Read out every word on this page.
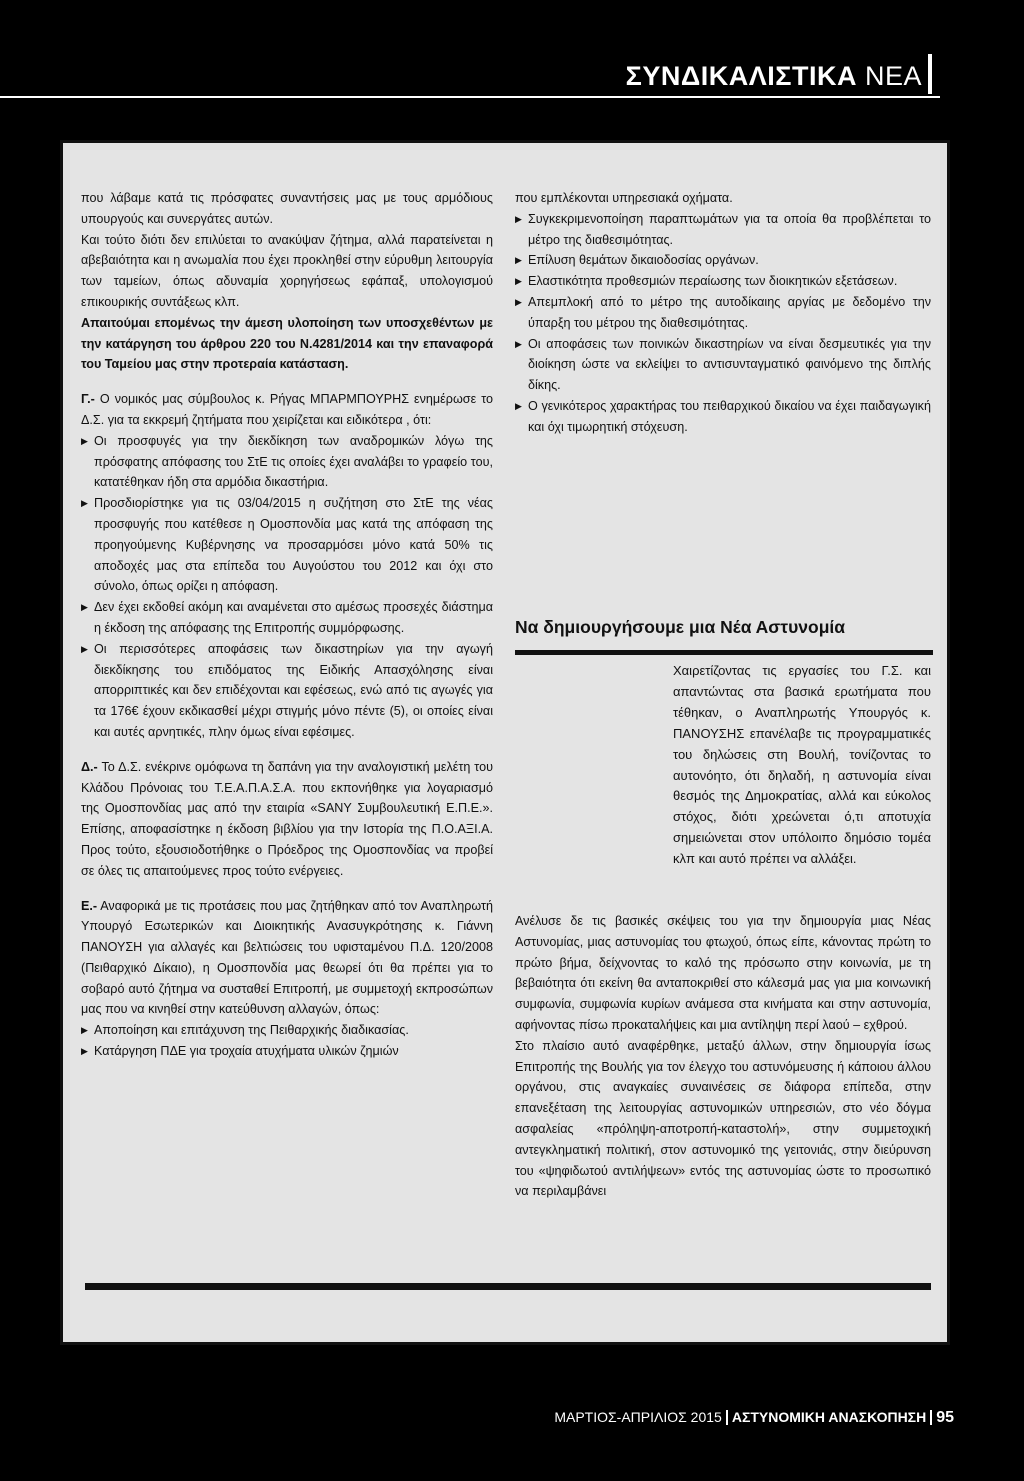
ΣΥΝΔΙΚΑΛΙΣΤΙΚΑ ΝΕΑ

που λάβαμε κατά τις πρόσφατες συναντήσεις μας με τους αρμόδιους υπουργούς και συνεργάτες αυτών.

Και τούτο διότι δεν επιλύεται το ανακύψαν ζήτημα, αλλά παρατείνεται η αβεβαιότητα και η ανωμαλία που έχει προκληθεί στην εύρυθμη λειτουργία των ταμείων, όπως αδυναμία χορηγήσεως εφάπαξ, υπολογισμού επικουρικής συντάξεως κλπ.

Απαιτούμαι επομένως την άμεση υλοποίηση των υποσχεθέντων με την κατάργηση του άρθρου 220 του Ν.4281/2014 και την επαναφορά του Ταμείου μας στην προτεραία κατάσταση.

Γ.- Ο νομικός μας σύμβουλος κ. Ρήγας ΜΠΑΡΜΠΟΥΡΗΣ ενημέρωσε το Δ.Σ. για τα εκκρεμή ζητήματα που χειρίζεται και ειδικότερα , ότι:

▶ Οι προσφυγές για την διεκδίκηση των αναδρομικών λόγω της πρόσφατης απόφασης του ΣτΕ τις οποίες έχει αναλάβει το γραφείο του, κατατέθηκαν ήδη στα αρμόδια δικαστήρια.
▶ Προσδιορίστηκε για τις 03/04/2015 η συζήτηση στο ΣτΕ της νέας προσφυγής που κατέθεσε η Ομοσπονδία μας κατά της απόφαση της προηγούμενης Κυβέρνησης να προσαρμόσει μόνο κατά 50% τις αποδοχές μας στα επίπεδα του Αυγούστου του 2012 και όχι στο σύνολο, όπως ορίζει η απόφαση.
▶ Δεν έχει εκδοθεί ακόμη και αναμένεται στο αμέσως προσεχές διάστημα η έκδοση της απόφασης της Επιτροπής συμμόρφωσης.
▶ Οι περισσότερες αποφάσεις των δικαστηρίων για την αγωγή διεκδίκησης του επιδόματος της Ειδικής Απασχόλησης είναι απορριπτικές και δεν επιδέχονται και εφέσεως, ενώ από τις αγωγές για τα 176€ έχουν εκδικασθεί μέχρι στιγμής μόνο πέντε (5), οι οποίες είναι και αυτές αρνητικές, πλην όμως είναι εφέσιμες.

Δ.- Το Δ.Σ. ενέκρινε ομόφωνα τη δαπάνη για την αναλογιστική μελέτη του Κλάδου Πρόνοιας του Τ.Ε.Α.Π.Α.Σ.Α. που εκπονήθηκε για λογαριασμό της Ομοσπονδίας μας από την εταιρία «SANY Συμβουλευτική Ε.Π.Ε.». Επίσης, αποφασίστηκε η έκδοση βιβλίου για την Ιστορία της Π.Ο.ΑΞΙ.Α. Προς τούτο, εξουσιοδοτήθηκε ο Πρόεδρος της Ομοσπονδίας να προβεί σε όλες τις απαιτούμενες προς τούτο ενέργειες.

Ε.- Αναφορικά με τις προτάσεις που μας ζητήθηκαν από τον Αναπληρωτή Υπουργό Εσωτερικών και Διοικητικής Ανασυγκρότησης κ. Γιάννη ΠΑΝΟΥΣΗ για αλλαγές και βελτιώσεις του υφισταμένου Π.Δ. 120/2008 (Πειθαρχικό Δίκαιο), η Ομοσπονδία μας θεωρεί ότι θα πρέπει για το σοβαρό αυτό ζήτημα να συσταθεί Επιτροπή, με συμμετοχή εκπροσώπων μας που να κινηθεί στην κατεύθυνση αλλαγών, όπως:

▶ Αποποίηση και επιτάχυνση της Πειθαρχικής διαδικασίας.
▶ Κατάργηση ΠΔΕ για τροχαία ατυχήματα υλικών ζημιών

που εμπλέκονται υπηρεσιακά οχήματα.

▶ Συγκεκριμενοποίηση παραπτωμάτων για τα οποία θα προβλέπεται το μέτρο της διαθεσιμότητας.
▶ Επίλυση θεμάτων δικαιοδοσίας οργάνων.
▶ Ελαστικότητα προθεσμιών περαίωσης των διοικητικών εξετάσεων.
▶ Απεμπλοκή από το μέτρο της αυτοδίκαιης αργίας με δεδομένο την ύπαρξη του μέτρου της διαθεσιμότητας.
▶ Οι αποφάσεις των ποινικών δικαστηρίων να είναι δεσμευτικές για την διοίκηση ώστε να εκλείψει το αντισυνταγματικό φαινόμενο της διπλής δίκης.
▶ Ο γενικότερος χαρακτήρας του πειθαρχικού δικαίου να έχει παιδαγωγική και όχι τιμωρητική στόχευση.
Να δημιουργήσουμε μια Νέα Αστυνομία

Χαιρετίζοντας τις εργασίες του Γ.Σ. και απαντώντας στα βασικά ερωτήματα που τέθηκαν, ο Αναπληρωτής Υπουργός κ. ΠΑΝΟΥΣΗΣ επανέλαβε τις προγραμματικές του δηλώσεις στη Βουλή, τονίζοντας το αυτονόητο, ότι δηλαδή, η αστυνομία είναι θεσμός της Δημοκρατίας, αλλά και εύκολος στόχος, διότι χρεώνεται ό,τι αποτυχία σημειώνεται στον υπόλοιπο δημόσιο τομέα κλπ και αυτό πρέπει να αλλάξει.

Ανέλυσε δε τις βασικές σκέψεις του για την δημιουργία μιας Νέας Αστυνομίας, μιας αστυνομίας του φτωχού, όπως είπε, κάνοντας πρώτη το πρώτο βήμα, δείχνοντας το καλό της πρόσωπο στην κοινωνία, με τη βεβαιότητα ότι εκείνη θα ανταποκριθεί στο κάλεσμά μας για μια κοινωνική συμφωνία, συμφωνία κυρίων ανάμεσα στα κινήματα και στην αστυνομία, αφήνοντας πίσω προκαταλήψεις και μια αντίληψη περί λαού – εχθρού.

Στο πλαίσιο αυτό αναφέρθηκε, μεταξύ άλλων, στην δημιουργία ίσως Επιτροπής της Βουλής για τον έλεγχο του αστυνόμευσης ή κάποιου άλλου οργάνου, στις αναγκαίες συναινέσεις σε διάφορα επίπεδα, στην επανεξέταση της λειτουργίας αστυνομικών υπηρεσιών, στο νέο δόγμα ασφαλείας «πρόληψη-αποτροπή-καταστολή», στην συμμετοχική αντεγκληματική πολιτική, στον αστυνομικό της γειτονιάς, στην διεύρυνση του «ψηφιδωτού αντιλήψεων» εντός της αστυνομίας ώστε το προσωπικό να περιλαμβάνει

ΜΑΡΤΙΟΣ-ΑΠΡΙΛΙΟΣ 2015 ΑΣΤΥΝΟΜΙΚΗ ΑΝΑΣΚΟΠΗΣΗ 95
